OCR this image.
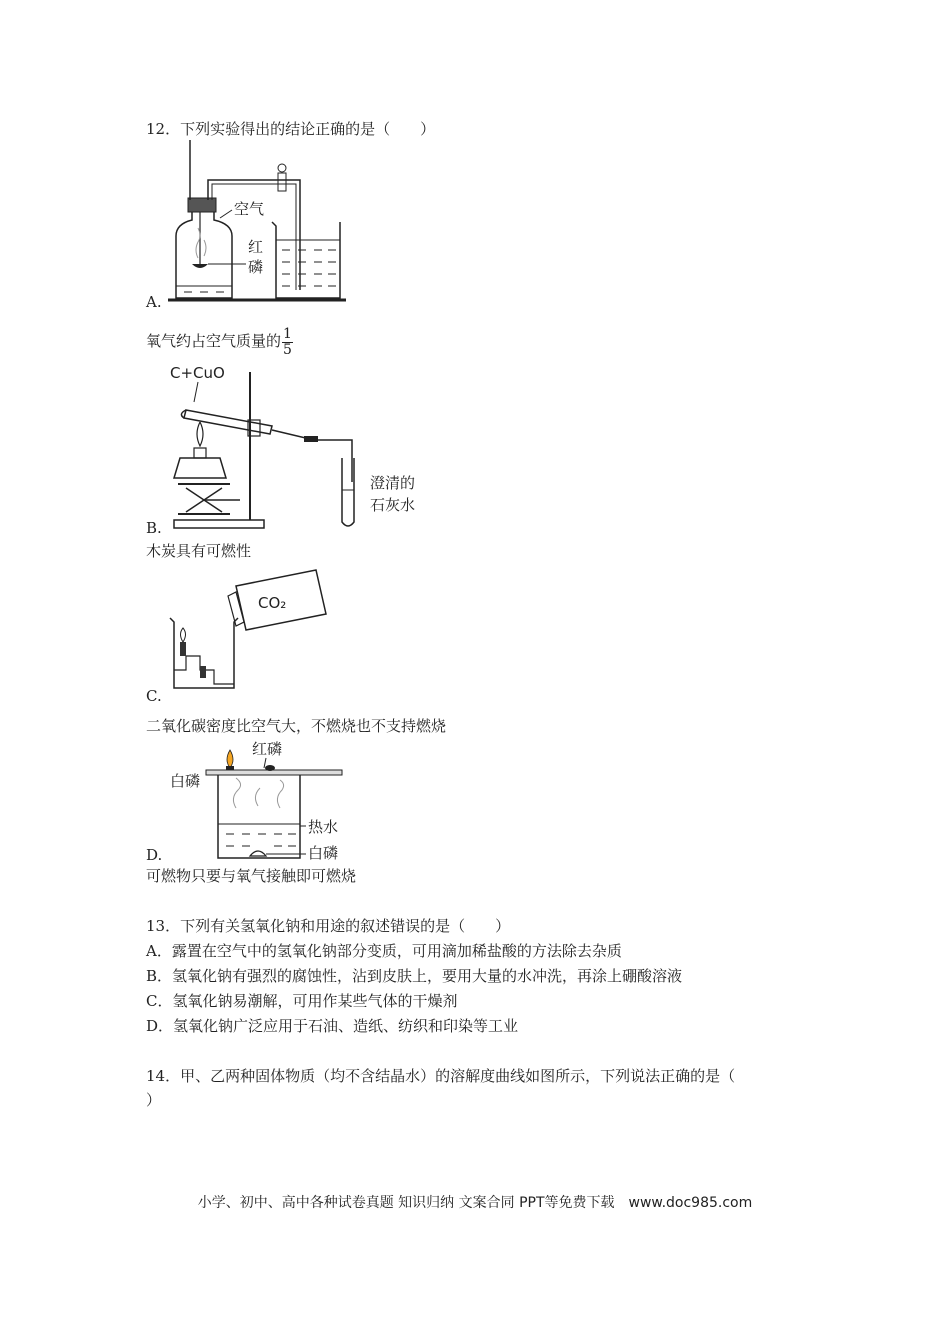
12．下列实验得出的结论正确的是（　　）
空气
红
磷
A.
氧气约占空气质量的 $\frac{1}{5}$
C+CuO
澄清的
石灰水
B.
木炭具有可燃性
CO₂
C.
二氧化碳密度比空气大，不燃烧也不支持燃烧
红磷
白磷
热水
白磷
D.
可燃物只要与氧气接触即可燃烧
13．下列有关氢氧化钠和用途的叙述错误的是（　　）
A．露置在空气中的氢氧化钠部分变质，可用滴加稀盐酸的方法除去杂质
B．氢氧化钠有强烈的腐蚀性，沾到皮肤上，要用大量的水冲洗，再涂上硼酸溶液
C．氢氧化钠易潮解，可用作某些气体的干燥剂
D．氢氧化钠广泛应用于石油、造纸、纺织和印染等工业
14．甲、乙两种固体物质（均不含结晶水）的溶解度曲线如图所示，下列说法正确的是（
）
小学、初中、高中各种试卷真题 知识归纳 文案合同 PPT等免费下载　www.doc985.com
